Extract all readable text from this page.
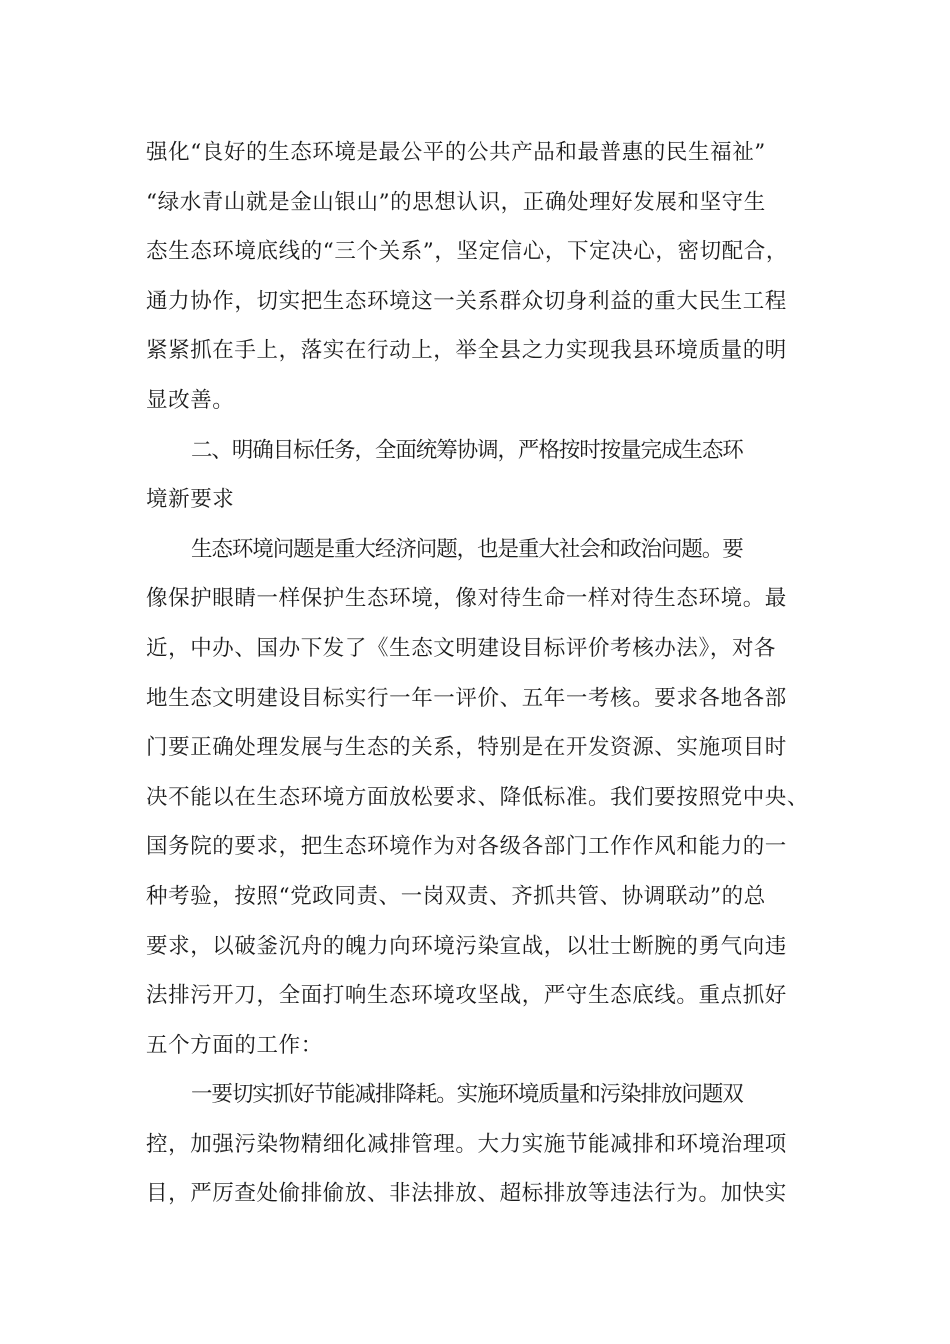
强化“良好的生态环境是最公平的公共产品和最普惠的民生福祉”
“绿水青山就是金山银山”的思想认识，正确处理好发展和坚守生
态生态环境底线的“三个关系”，坚定信心，下定决心，密切配合，
通力协作，切实把生态环境这一关系群众切身利益的重大民生工程
紧紧抓在手上，落实在行动上，举全县之力实现我县环境质量的明
显改善。
二、明确目标任务，全面统筹协调，严格按时按量完成生态环
境新要求
生态环境问题是重大经济问题，也是重大社会和政治问题。要
像保护眼睛一样保护生态环境，像对待生命一样对待生态环境。最
近，中办、国办下发了《生态文明建设目标评价考核办法》，对各
地生态文明建设目标实行一年一评价、五年一考核。要求各地各部
门要正确处理发展与生态的关系，特别是在开发资源、实施项目时
决不能以在生态环境方面放松要求、降低标准。我们要按照党中央、
国务院的要求，把生态环境作为对各级各部门工作作风和能力的一
种考验，按照“党政同责、一岗双责、齐抓共管、协调联动”的总
要求，以破釜沉舟的魄力向环境污染宣战，以壮士断腕的勇气向违
法排污开刀，全面打响生态环境攻坚战，严守生态底线。重点抓好
五个方面的工作：
一要切实抓好节能减排降耗。实施环境质量和污染排放问题双
控，加强污染物精细化减排管理。大力实施节能减排和环境治理项
目，严厉查处偷排偷放、非法排放、超标排放等违法行为。加快实
